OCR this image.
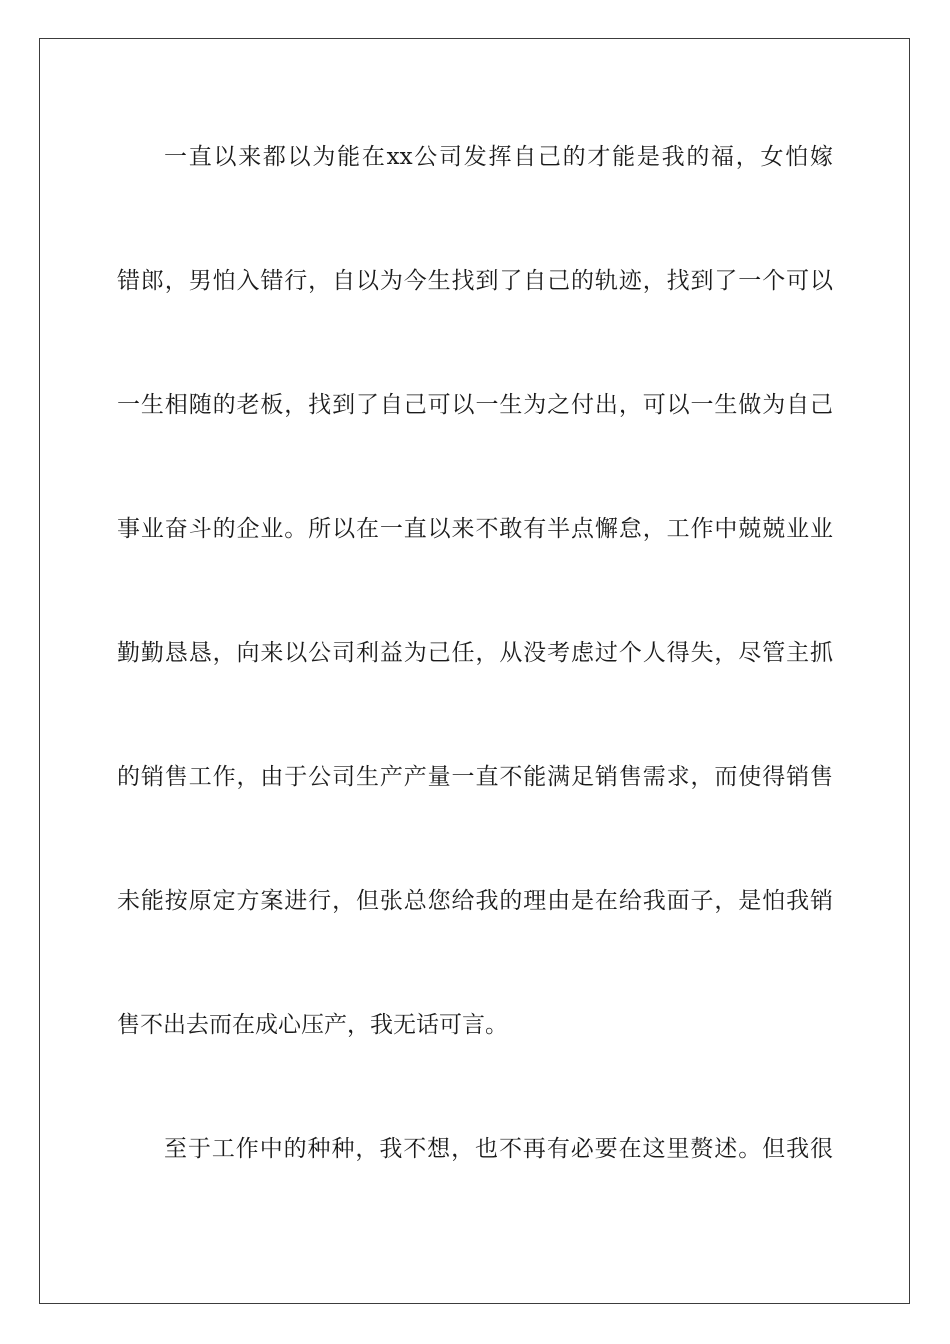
一直以来都以为能在xx公司发挥自己的才能是我的福，女怕嫁
错郎，男怕入错行，自以为今生找到了自己的轨迹，找到了一个可以
一生相随的老板，找到了自己可以一生为之付出，可以一生做为自己
事业奋斗的企业。所以在一直以来不敢有半点懈怠，工作中兢兢业业
勤勤恳恳，向来以公司利益为己任，从没考虑过个人得失，尽管主抓
的销售工作，由于公司生产产量一直不能满足销售需求，而使得销售
未能按原定方案进行，但张总您给我的理由是在给我面子，是怕我销
售不出去而在成心压产，我无话可言。
至于工作中的种种，我不想，也不再有必要在这里赘述。但我很
